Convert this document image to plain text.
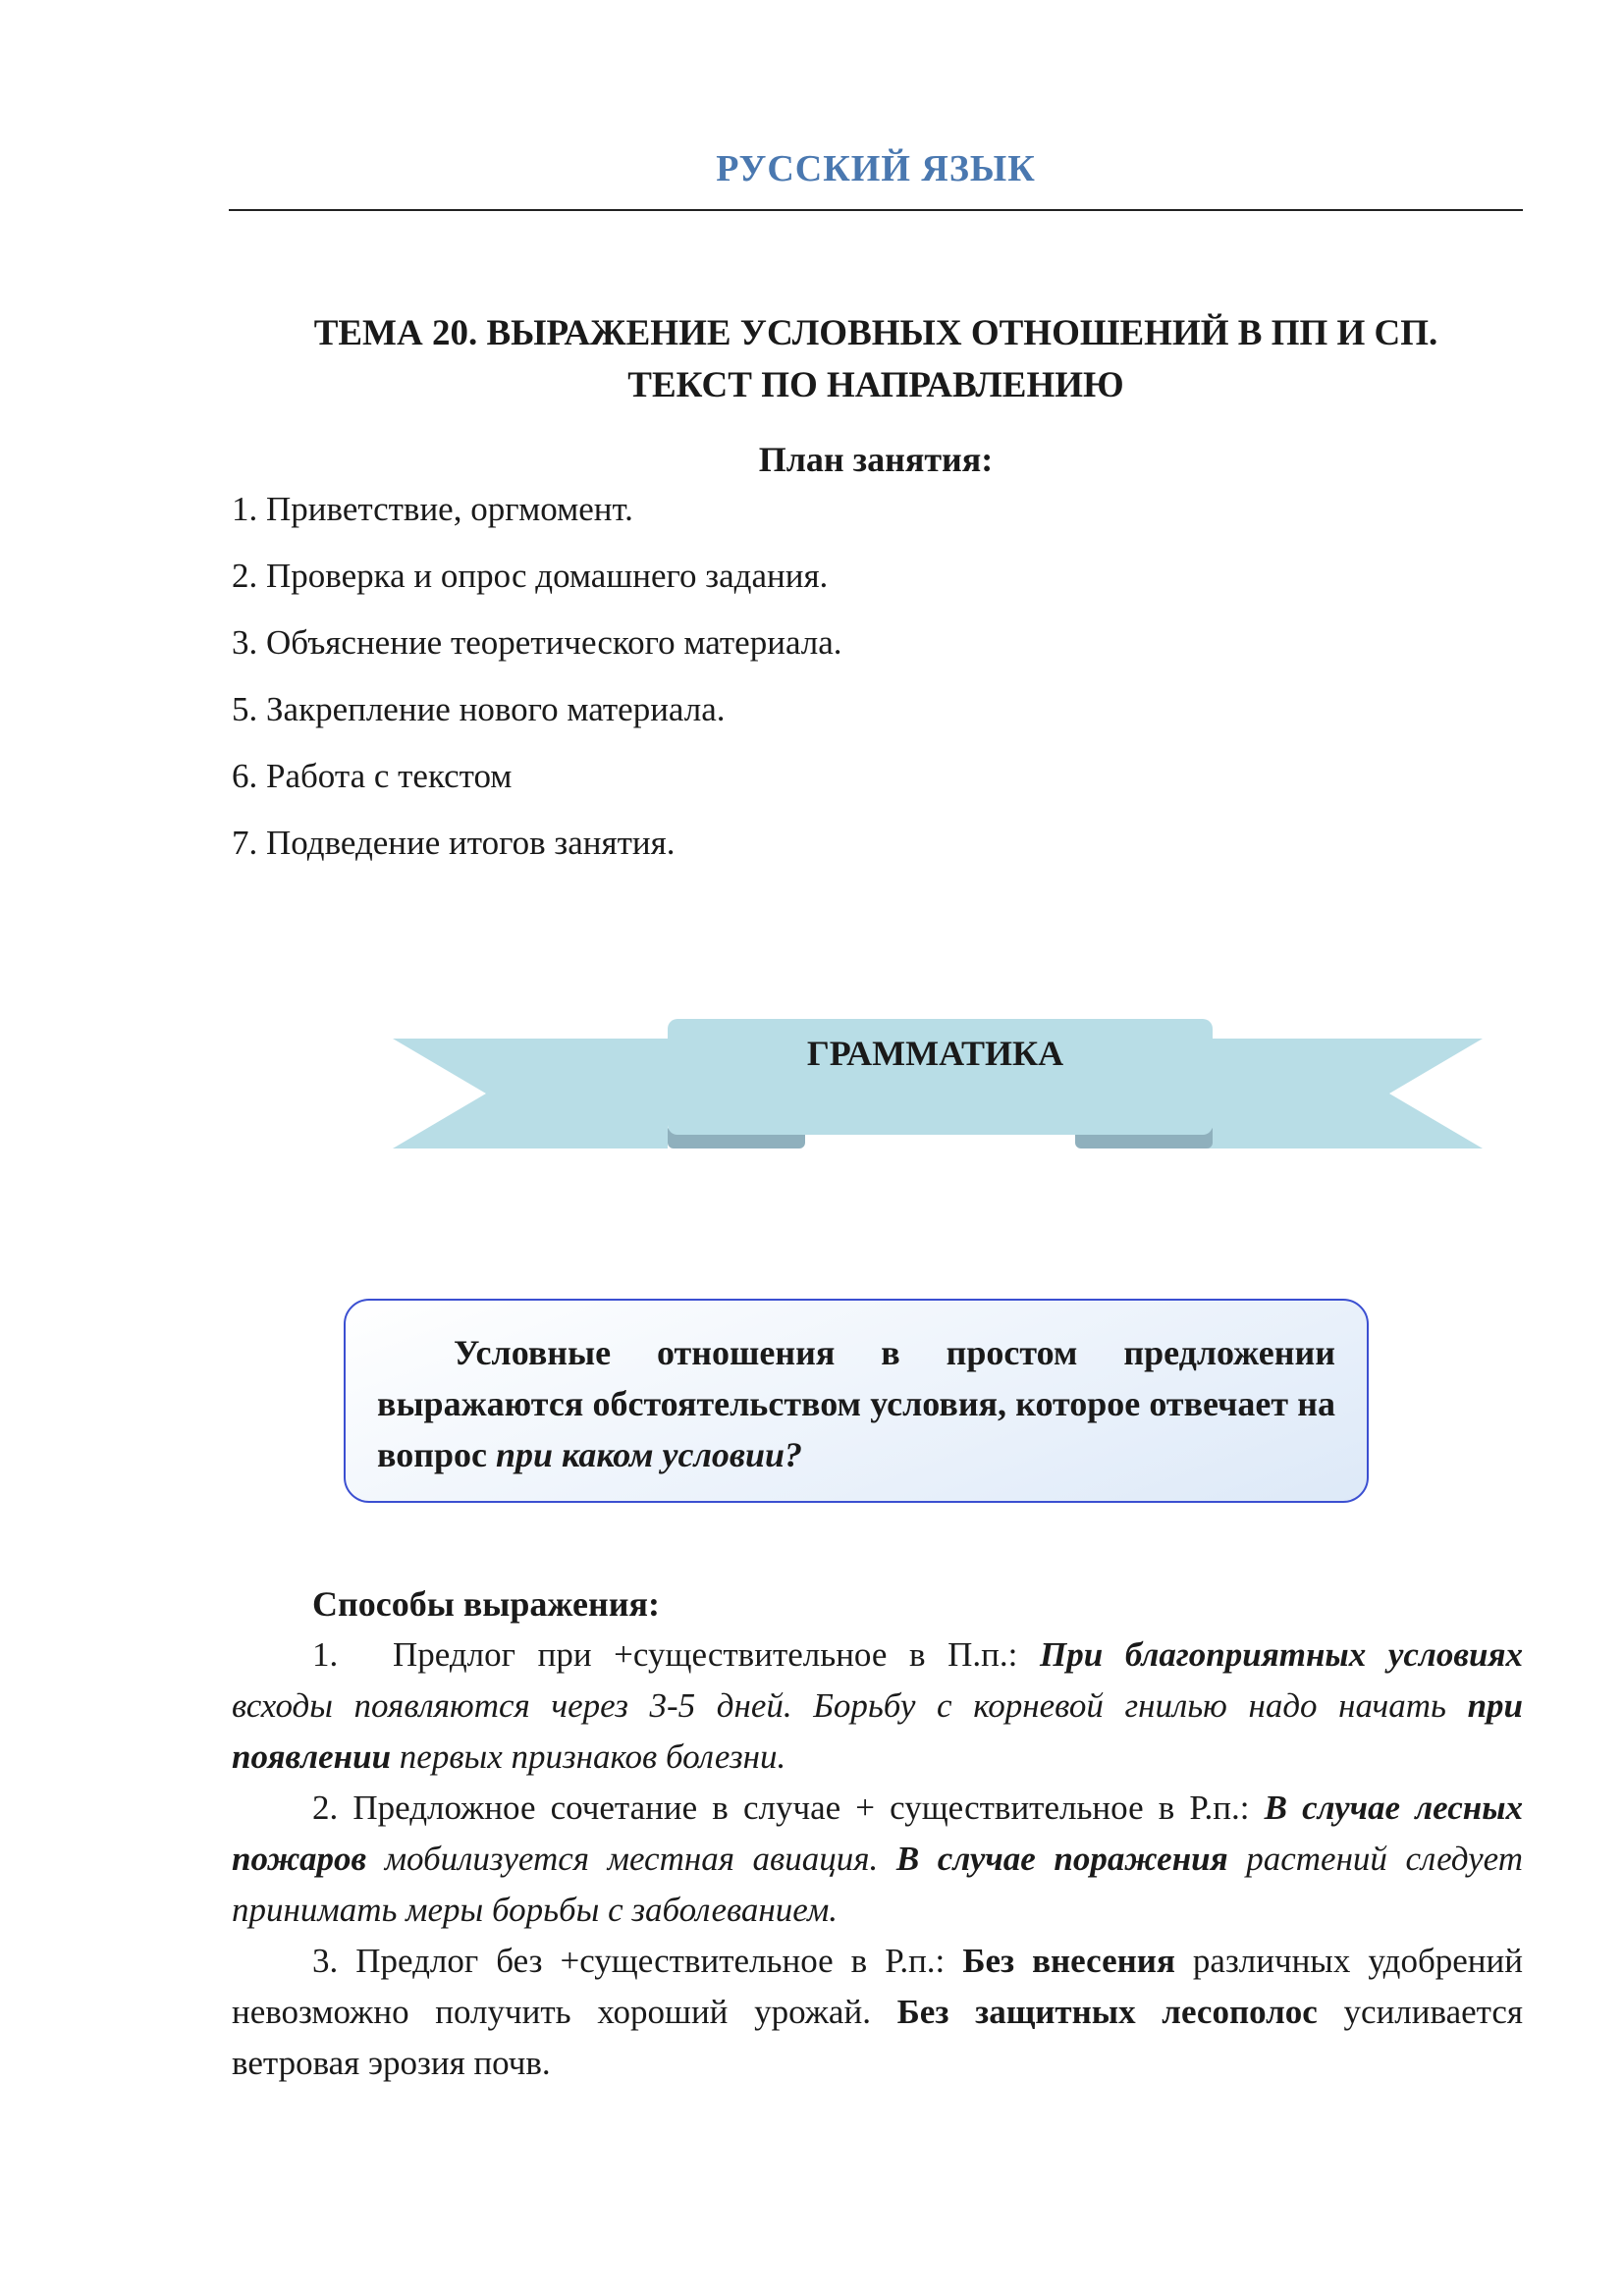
РУССКИЙ ЯЗЫК
ТЕМА 20. ВЫРАЖЕНИЕ УСЛОВНЫХ ОТНОШЕНИЙ В ПП И СП.
ТЕКСТ ПО НАПРАВЛЕНИЮ
План занятия:
1. Приветствие, оргмомент.
2. Проверка и опрос домашнего задания.
3. Объяснение теоретического материала.
5. Закрепление нового материала.
6. Работа с текстом
7. Подведение итогов занятия.
ГРАММАТИКА

Условные отношения в простом предложении выражаются обстоятельством условия, которое отвечает на вопрос при каком условии?

Способы выражения:

1. Предлог при +существительное в П.п.: При благоприятных условиях всходы появляются через 3-5 дней. Борьбу с корневой гнилью надо начать при появлении первых признаков болезни.

2. Предложное сочетание в случае + существительное в Р.п.: В случае лесных пожаров мобилизуется местная авиация. В случае поражения растений следует принимать меры борьбы с заболеванием.

3. Предлог без +существительное в Р.п.: Без внесения различных удобрений невозможно получить хороший урожай. Без защитных лесополос усиливается ветровая эрозия почв.
